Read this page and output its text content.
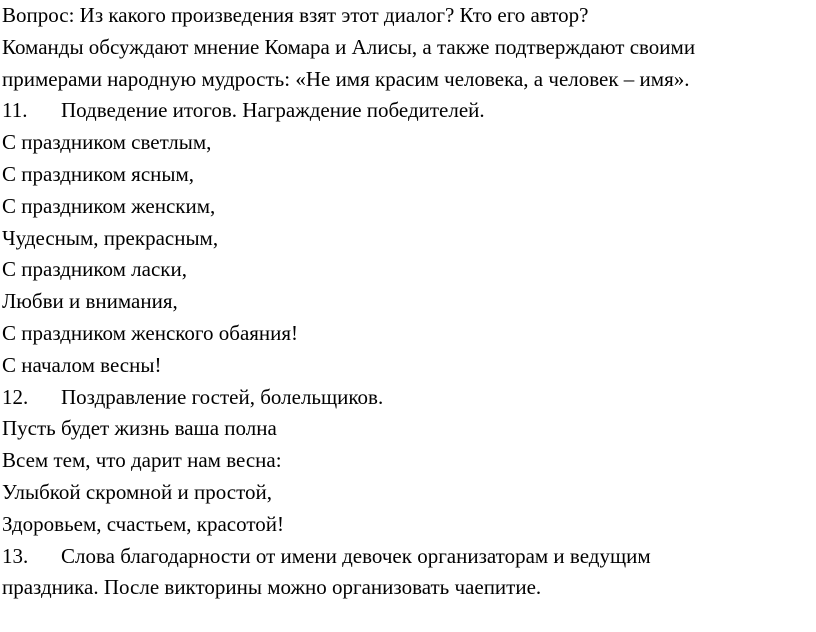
Вопрос: Из какого произведения взят этот диалог? Кто его автор?
Команды обсуждают мнение Комара и Алисы, а также подтверждают своими
примерами народную мудрость: «Не имя красим человека, а человек – имя».
11. Подведение итогов. Награждение победителей.
С праздником светлым,
С праздником ясным,
С праздником женским,
Чудесным, прекрасным,
С праздником ласки,
Любви и внимания,
С праздником женского обаяния!
С началом весны!
12. Поздравление гостей, болельщиков.
Пусть будет жизнь ваша полна
Всем тем, что дарит нам весна:
Улыбкой скромной и простой,
Здоровьем, счастьем, красотой!
13. Слова благодарности от имени девочек организаторам и ведущим
праздника. После викторины можно организовать чаепитие.
